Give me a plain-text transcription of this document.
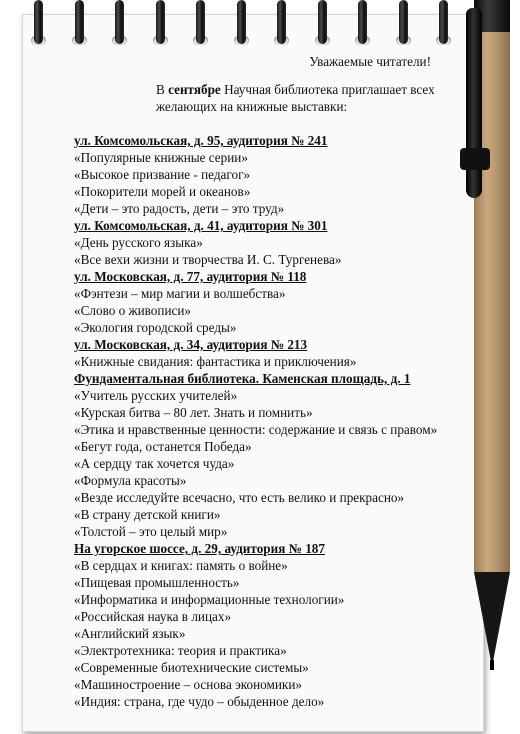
Уважаемые читатели!

В сентябре Научная библиотека приглашает всех желающих на книжные выставки:

ул. Комсомольская, д. 95, аудитория № 241

«Популярные книжные серии»

«Высокое призвание - педагог»

«Покорители морей и океанов»

«Дети – это радость, дети – это труд»

ул. Комсомольская, д. 41, аудитория № 301

«День русского языка»

«Все вехи жизни и творчества И. С. Тургенева»

ул. Московская, д. 77, аудитория № 118

«Фэнтези – мир магии и волшебства»

«Слово о живописи»

«Экология городской среды»

ул. Московская, д. 34, аудитория № 213

«Книжные свидания: фантастика и приключения»

Фундаментальная библиотека. Каменская площадь, д. 1

«Учитель русских учителей»

«Курская битва – 80 лет. Знать и помнить»

«Этика и нравственные ценности: содержание и связь с правом»

«Бегут года, останется Победа»

«А сердцу так хочется чуда»

«Формула красоты»

«Везде исследуйте всечасно, что есть велико и прекрасно»

«В страну детской книги»

«Толстой – это целый мир»

На угорское шоссе, д. 29, аудитория № 187

«В сердцах и книгах: память о войне»

«Пищевая промышленность»

«Информатика и информационные технологии»

«Российская наука в лицах»

«Английский язык»

«Электротехника: теория и практика»

«Современные биотехнические системы»

«Машиностроение – основа экономики»

«Индия: страна, где чудо – обыденное дело»
